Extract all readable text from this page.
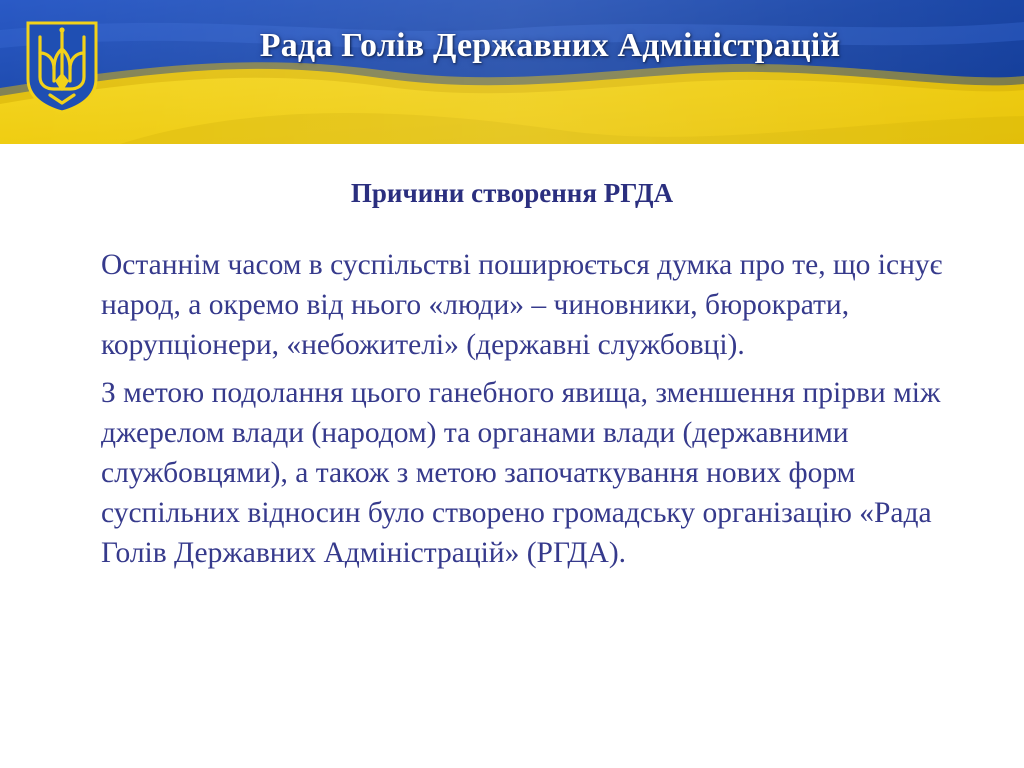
Рада Голів Державних Адміністрацій
Причини створення РГДА

Останнім часом в суспільстві поширюється думка про те, що існує народ, а окремо від нього «люди» – чиновники, бюрократи, корупціонери, «небожителі» (державні службовці).

З метою подолання цього ганебного явища, зменшення прірви між джерелом влади (народом) та органами влади (державними службовцями), а також з метою започаткування нових форм суспільних відносин було створено громадську організацію «Рада Голів Державних Адміністрацій» (РГДА).
